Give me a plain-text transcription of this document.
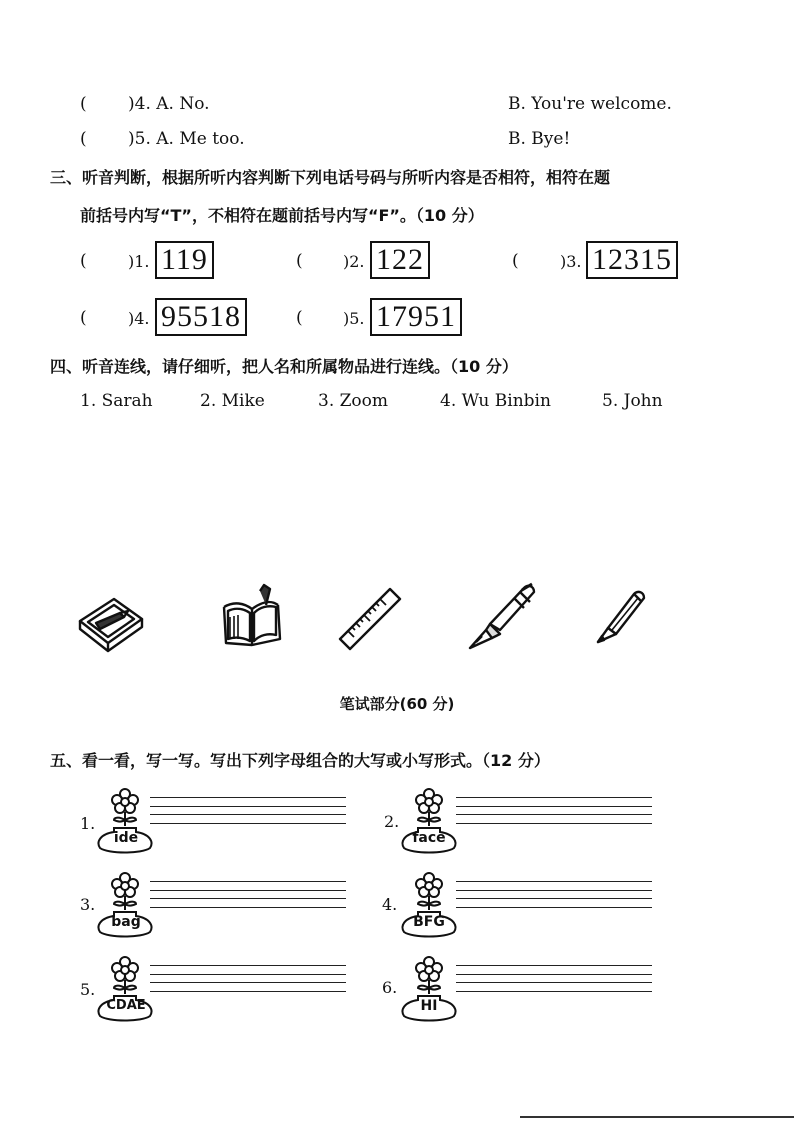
( )4. A. No.	B. You're welcome.
( )5. A. Me too.	B. Bye!
三、听音判断，根据所听内容判断下列电话号码与所听内容是否相符，相符在题
前括号内写“T”，不相符在题前括号内写“F”。（10 分）
(	)1. 119	(	)2. 122	(	)3. 12315
(	)4. 95518	(	)5. 17951
四、听音连线，请仔细听，把人名和所属物品进行连线。（10 分）
1. Sarah	2. Mike	3. Zoom	4. Wu Binbin	5. John
笔试部分(60 分)
五、看一看，写一写。写出下列字母组合的大写或小写形式。（12 分）
1.
ide
2.
face
3.
bag
4.
BFG
5.
CDAE
6.
HI
